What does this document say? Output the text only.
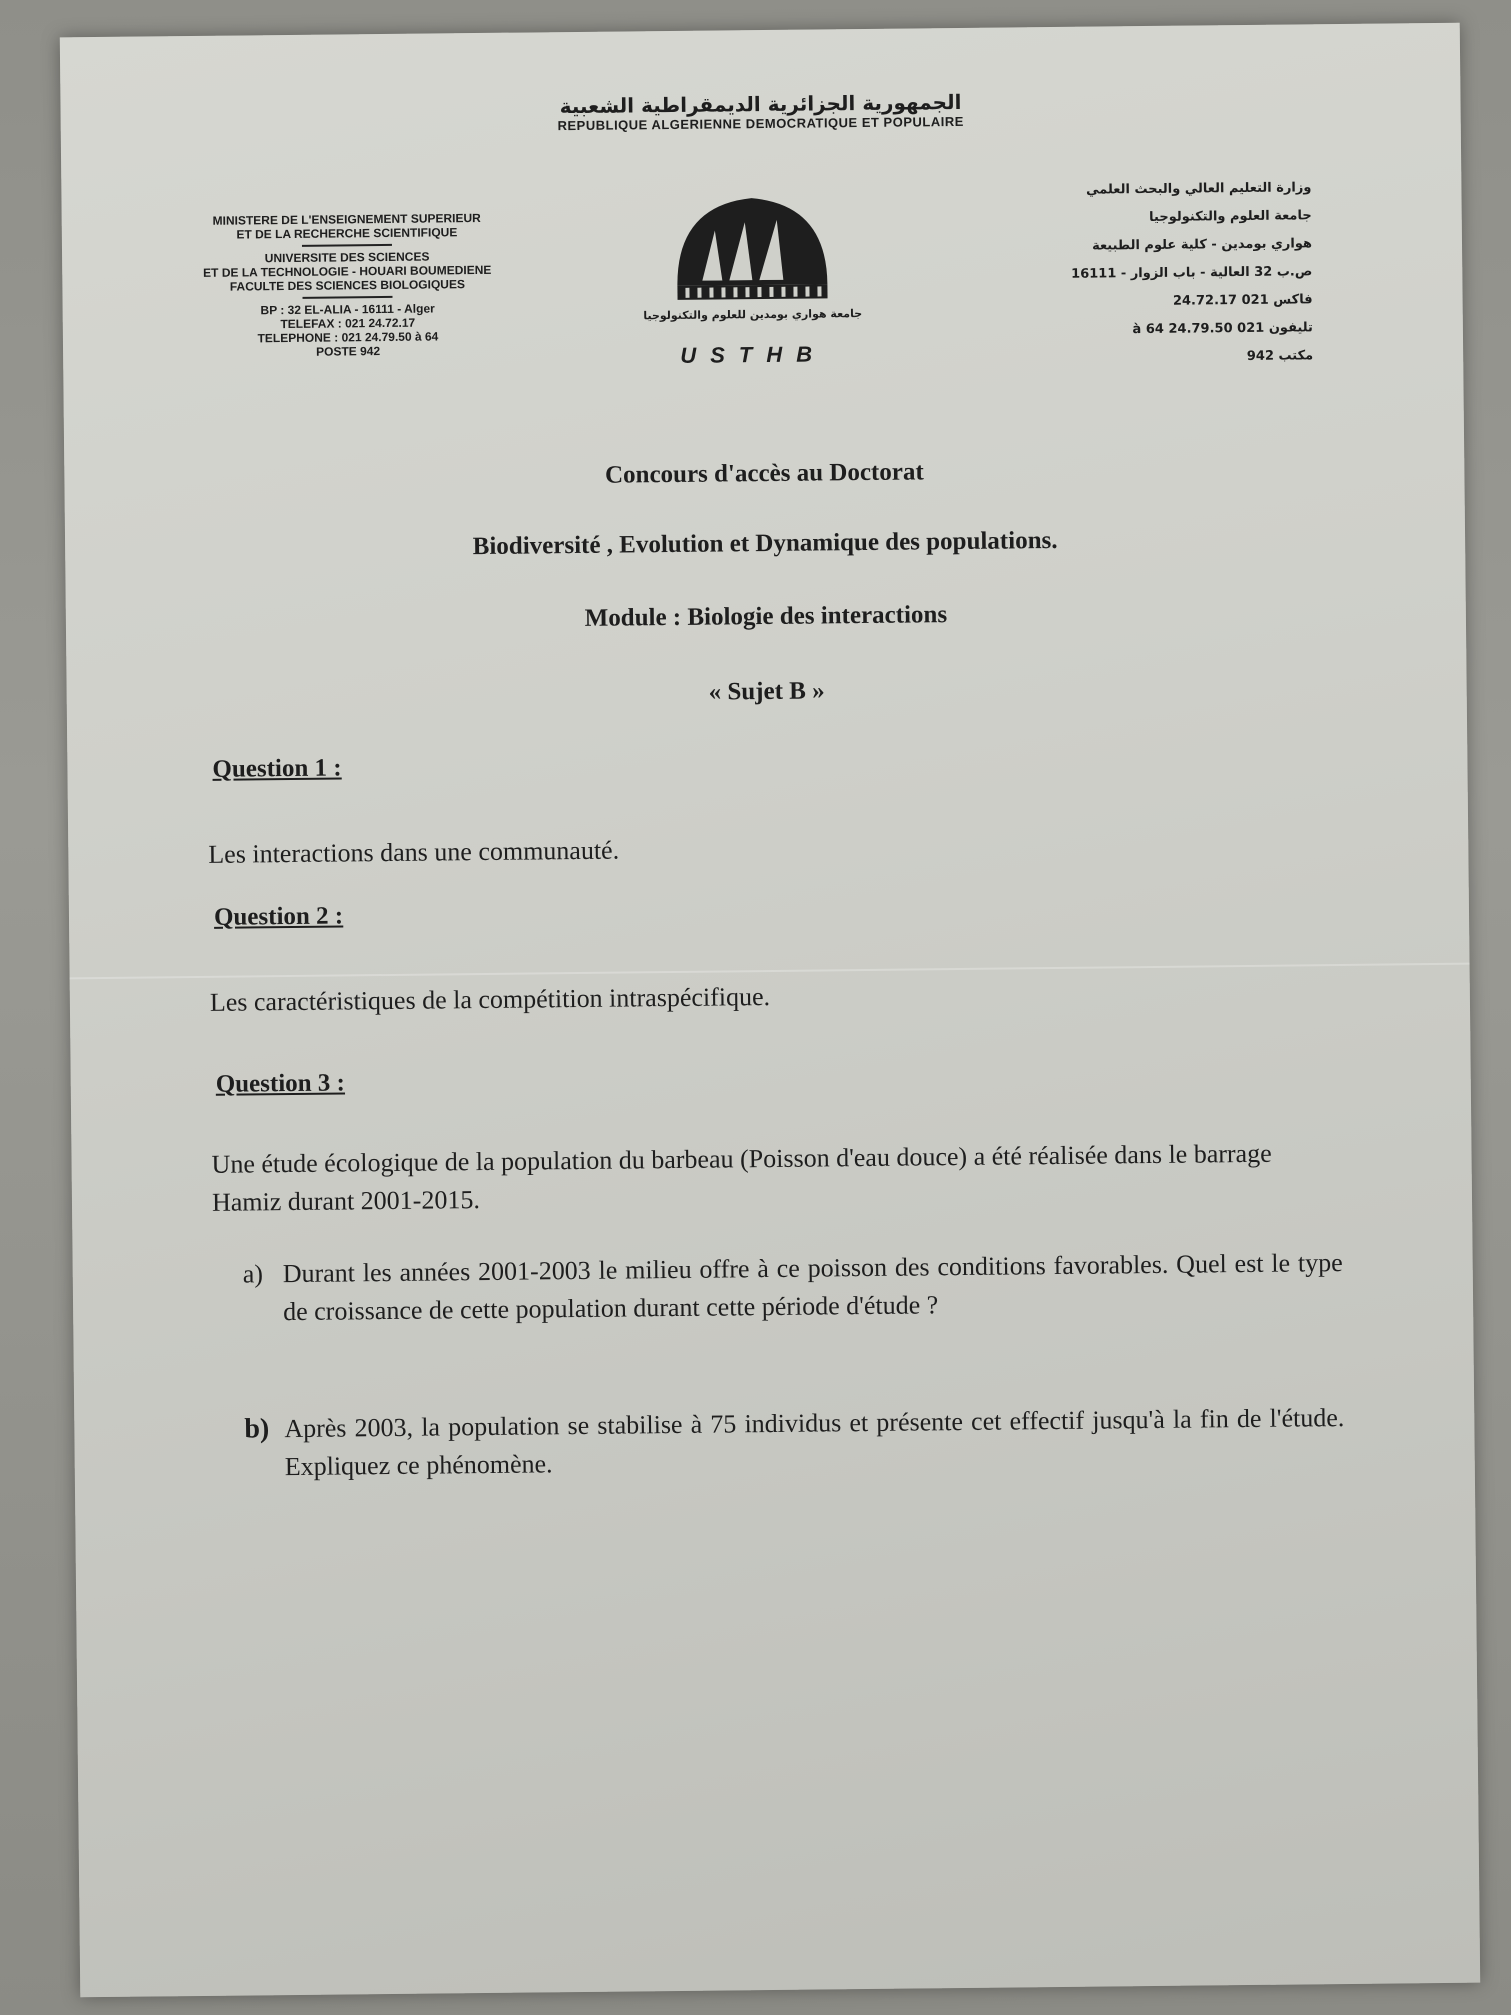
الجمهورية الجزائرية الديمقراطية الشعبية
REPUBLIQUE ALGERIENNE DEMOCRATIQUE ET POPULAIRE
MINISTERE DE L'ENSEIGNEMENT SUPERIEUR
ET DE LA RECHERCHE SCIENTIFIQUE
UNIVERSITE DES SCIENCES
ET DE LA TECHNOLOGIE - HOUARI BOUMEDIENE
FACULTE DES SCIENCES BIOLOGIQUES
BP : 32 EL-ALIA - 16111 - Alger
TELEFAX : 021 24.72.17
TELEPHONE : 021 24.79.50 à 64
POSTE 942
جامعة هواري بومدين للعلوم والتكنولوجيا
USTHB
وزارة التعليم العالي والبحث العلمي
جامعة العلوم والتكنولوجيا
هواري بومدين - كلية علوم الطبيعة
ص.ب 32 العالية - باب الزوار - 16111
فاكس 021 24.72.17
تليفون 021 24.79.50 à 64
مكتب 942
Concours d'accès au Doctorat
Biodiversité , Evolution et Dynamique des populations.
Module : Biologie des interactions
« Sujet B »
Question 1 :
Les interactions dans une communauté.
Question 2 :
Les caractéristiques de la compétition intraspécifique.
Question 3 :
Une étude écologique de la population du barbeau (Poisson d'eau douce) a été réalisée dans le barrage Hamiz durant 2001-2015.
a) Durant les années 2001-2003 le milieu offre à ce poisson des conditions favorables. Quel est le type de croissance de cette population durant cette période d'étude ?
b) Après 2003, la population se stabilise à 75 individus et présente cet effectif jusqu'à la fin de l'étude. Expliquez ce phénomène.
